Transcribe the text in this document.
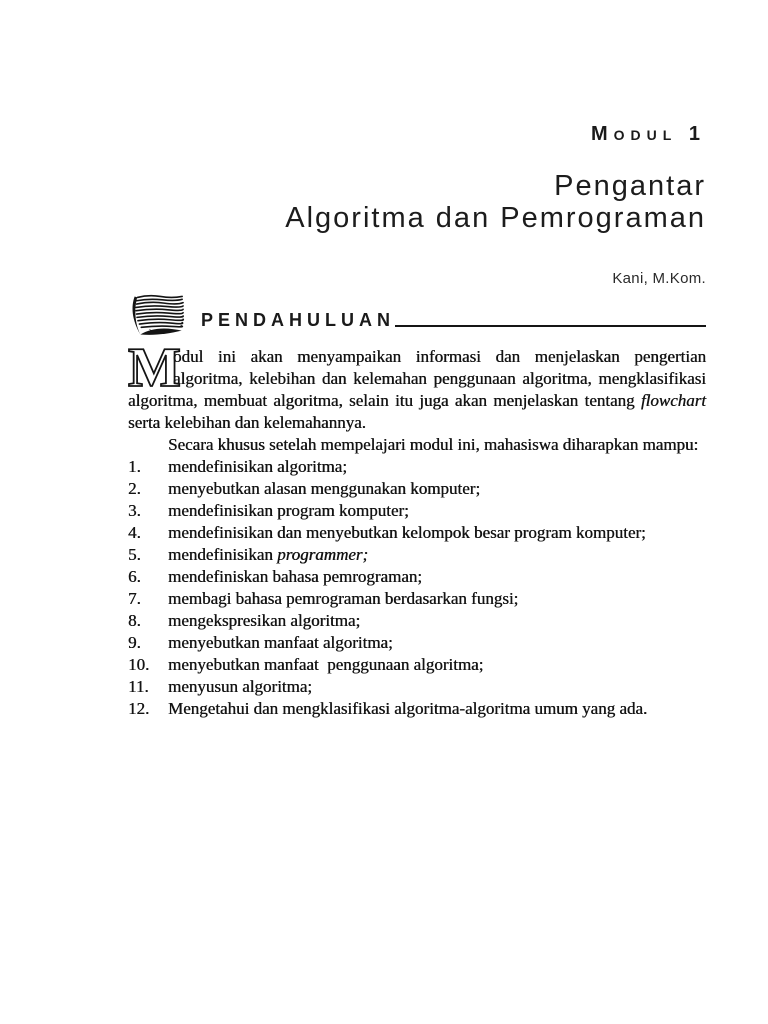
Modul 1
Pengantar
Algoritma dan Pemrograman
Kani, M.Kom.
PENDAHULUAN

M
odul ini akan menyampaikan informasi dan menjelaskan pengertian algoritma, kelebihan dan kelemahan penggunaan algoritma, mengklasifikasi algoritma, membuat algoritma, selain itu juga akan menjelaskan tentang flowchart serta kelebihan dan kelemahannya.

Secara khusus setelah mempelajari modul ini, mahasiswa diharapkan mampu:

1. mendefinisikan algoritma;
2. menyebutkan alasan menggunakan komputer;
3. mendefinisikan program komputer;
4. mendefinisikan dan menyebutkan kelompok besar program komputer;
5. mendefinisikan programmer;
6. mendefiniskan bahasa pemrograman;
7. membagi bahasa pemrograman berdasarkan fungsi;
8. mengekspresikan algoritma;
9. menyebutkan manfaat algoritma;
10. menyebutkan manfaat  penggunaan algoritma;
11. menyusun algoritma;
12. Mengetahui dan mengklasifikasi algoritma-algoritma umum yang ada.
